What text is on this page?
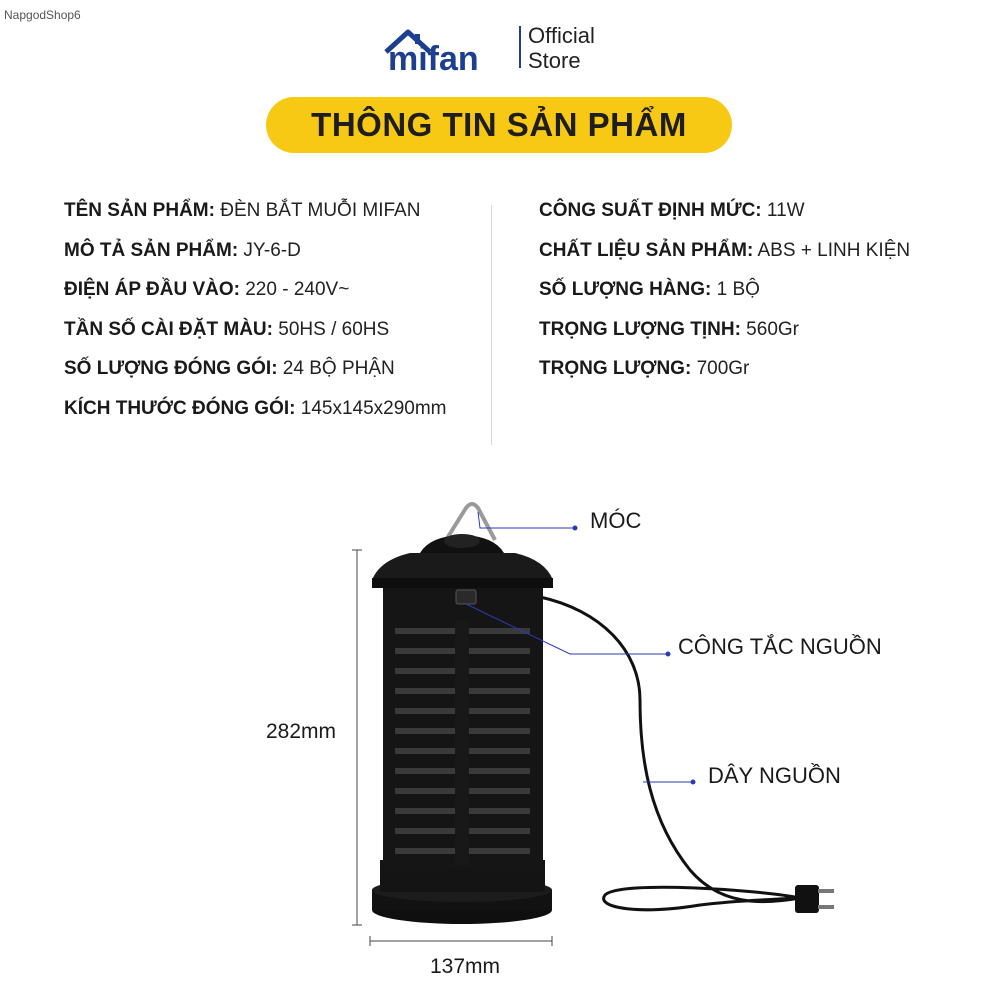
NapgodShop6
mifan
Official
Store
THÔNG TIN SẢN PHẨM
TÊN SẢN PHẨM: ĐÈN BẮT MUỖI MIFAN
MÔ TẢ SẢN PHẨM: JY-6-D
ĐIỆN ÁP ĐẦU VÀO: 220 - 240V~
TẦN SỐ CÀI ĐẶT MÀU: 50HS / 60HS
SỐ LƯỢNG ĐÓNG GÓI: 24 BỘ PHẬN
KÍCH THƯỚC ĐÓNG GÓI: 145x145x290mm
CÔNG SUẤT ĐỊNH MỨC: 11W
CHẤT LIỆU SẢN PHẨM: ABS + LINH KIỆN
SỐ LƯỢNG HÀNG: 1 BỘ
TRỌNG LƯỢNG TỊNH: 560Gr
TRỌNG LƯỢNG: 700Gr
MÓC
CÔNG TẮC NGUỒN
DÂY NGUỒN
282mm
137mm
